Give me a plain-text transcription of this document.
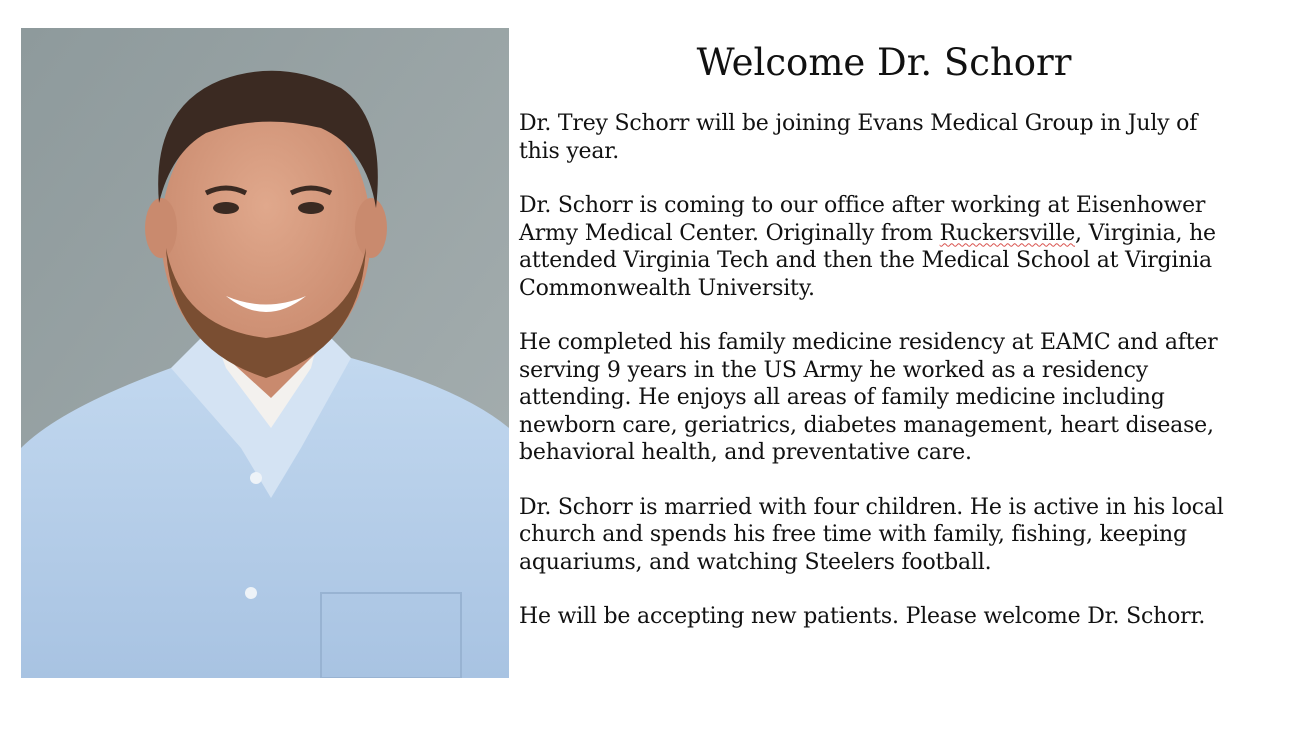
Welcome Dr. Schorr

Dr. Trey Schorr will be joining Evans Medical Group in July of this year.

Dr. Schorr is coming to our office after working at Eisenhower Army Medical Center. Originally from Ruckersville, Virginia, he attended Virginia Tech and then the Medical School at Virginia Commonwealth University.

He completed his family medicine residency at EAMC and after serving 9 years in the US Army he worked as a residency attending. He enjoys all areas of family medicine including newborn care, geriatrics, diabetes management, heart disease, behavioral health, and preventative care.

Dr. Schorr is married with four children. He is active in his local church and spends his free time with family, fishing, keeping aquariums, and watching Steelers football.

He will be accepting new patients. Please welcome Dr. Schorr.
